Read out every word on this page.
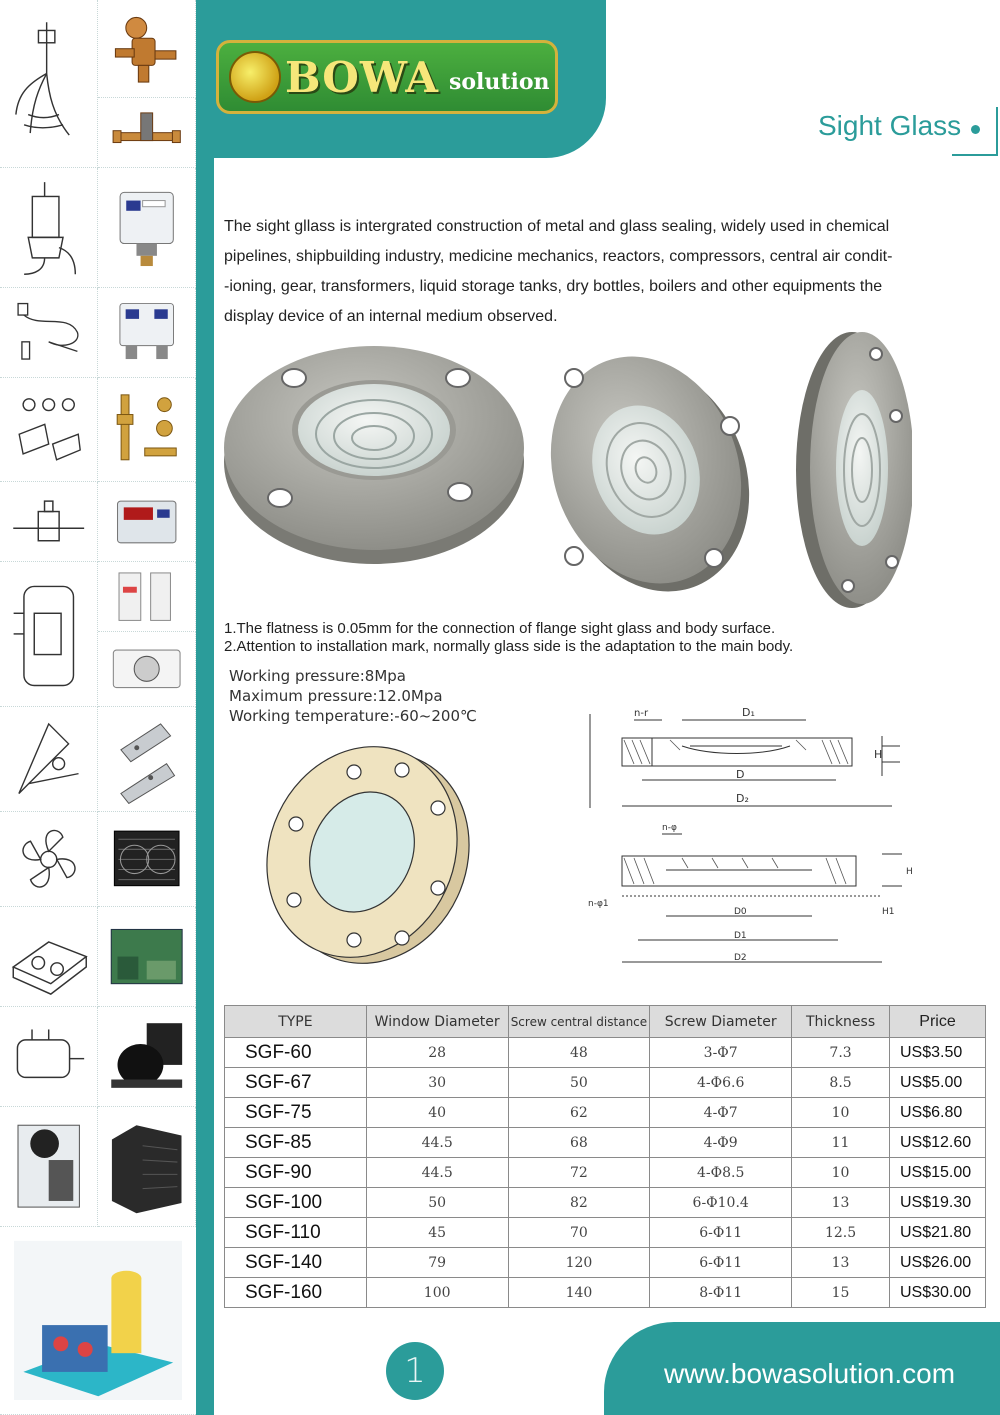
BOWA solution
Sight Glass
The sight gllass is intergrated construction of metal and glass sealing, widely used in chemical
pipelines, shipbuilding industry, medicine mechanics, reactors, compressors, central air condit-
-ioning, gear, transformers, liquid storage tanks, dry bottles, boilers and other equipments the
display device of an internal medium observed.
1.The flatness is 0.05mm for the connection of flange sight glass and body surface.
2.Attention to installation mark, normally glass side is the adaptation to the main body.
Working pressure:8Mpa
Maximum pressure:12.0Mpa
Working temperature:-60~200℃	n-r	D₁
D
D₂
H
n-φ
n-φ1
D0
D1
D2
H
H1
TYPE	Window Diameter	Screw central distance	Screw Diameter	Thickness	Price
SGF-60	28	48	3-Φ7	7.3	US$3.50
SGF-67	30	50	4-Φ6.6	8.5	US$5.00
SGF-75	40	62	4-Φ7	10	US$6.80
SGF-85	44.5	68	4-Φ9	11	US$12.60
SGF-90	44.5	72	4-Φ8.5	10	US$15.00
SGF-100	50	82	6-Φ10.4	13	US$19.30
SGF-110	45	70	6-Φ11	12.5	US$21.80
SGF-140	79	120	6-Φ11	13	US$26.00
SGF-160	100	140	8-Φ11	15	US$30.00
1	www.bowasolution.com
